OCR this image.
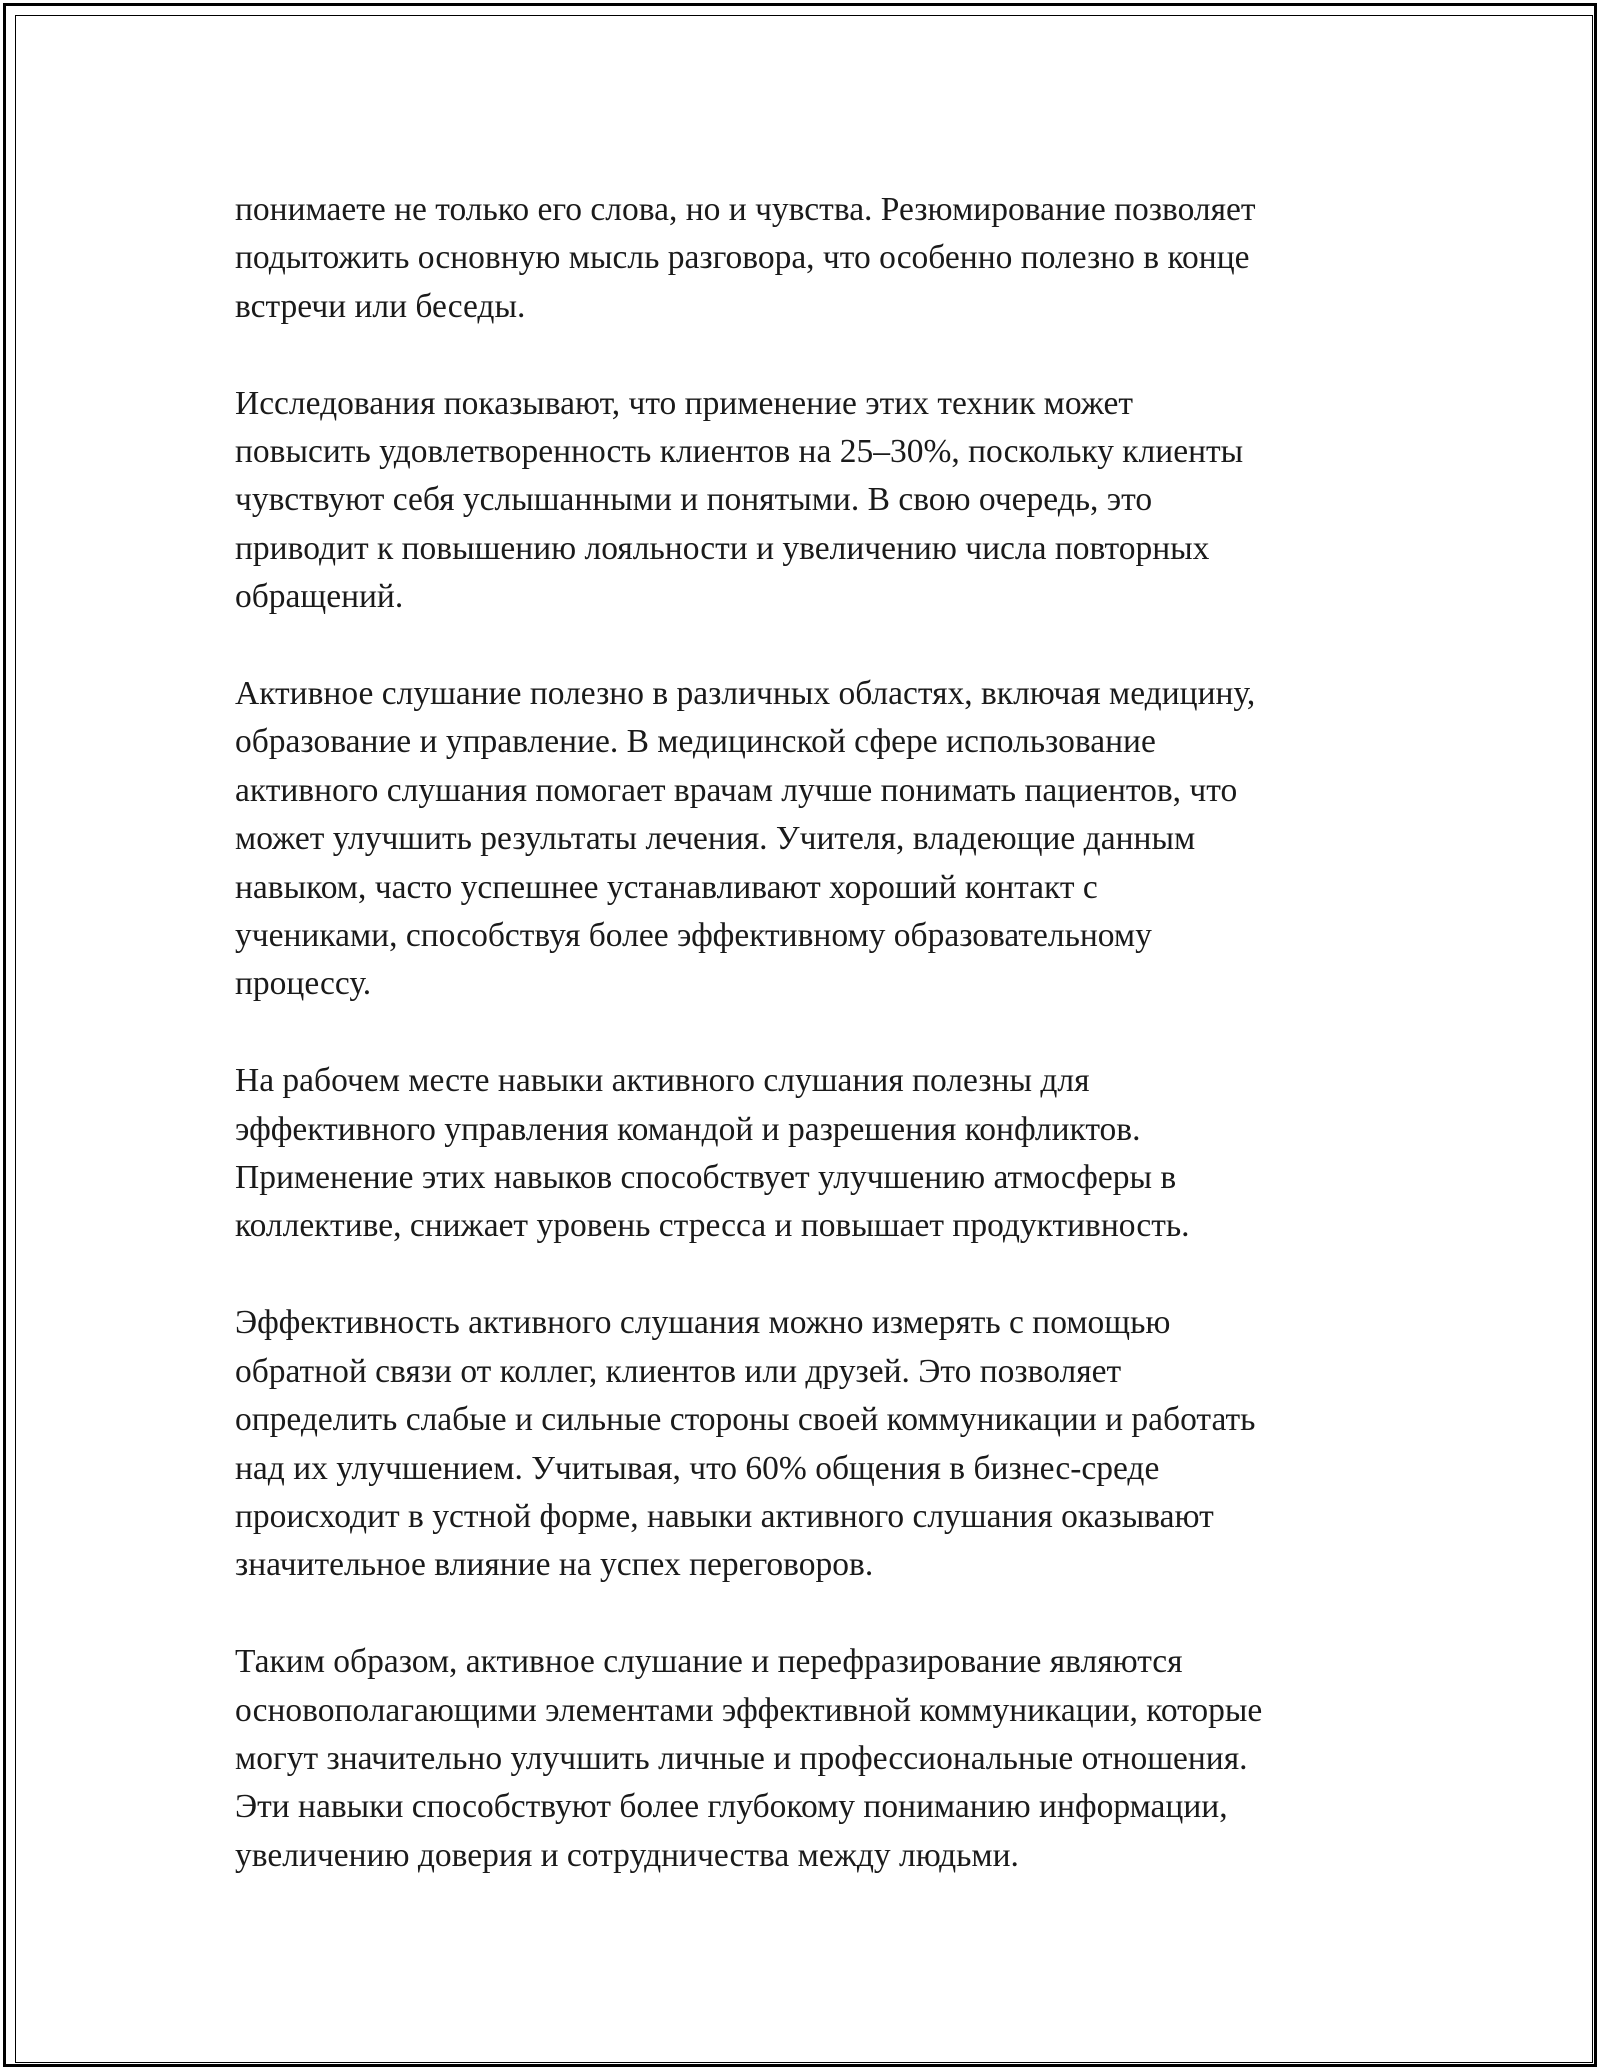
понимаете не только его слова, но и чувства. Резюмирование позволяет
подытожить основную мысль разговора, что особенно полезно в конце
встречи или беседы.

Исследования показывают, что применение этих техник может
повысить удовлетворенность клиентов на 25–30%, поскольку клиенты
чувствуют себя услышанными и понятыми. В свою очередь, это
приводит к повышению лояльности и увеличению числа повторных
обращений.

Активное слушание полезно в различных областях, включая медицину,
образование и управление. В медицинской сфере использование
активного слушания помогает врачам лучше понимать пациентов, что
может улучшить результаты лечения. Учителя, владеющие данным
навыком, часто успешнее устанавливают хороший контакт с
учениками, способствуя более эффективному образовательному
процессу.

На рабочем месте навыки активного слушания полезны для
эффективного управления командой и разрешения конфликтов.
Применение этих навыков способствует улучшению атмосферы в
коллективе, снижает уровень стресса и повышает продуктивность.

Эффективность активного слушания можно измерять с помощью
обратной связи от коллег, клиентов или друзей. Это позволяет
определить слабые и сильные стороны своей коммуникации и работать
над их улучшением. Учитывая, что 60% общения в бизнес-среде
происходит в устной форме, навыки активного слушания оказывают
значительное влияние на успех переговоров.

Таким образом, активное слушание и перефразирование являются
основополагающими элементами эффективной коммуникации, которые
могут значительно улучшить личные и профессиональные отношения.
Эти навыки способствуют более глубокому пониманию информации,
увеличению доверия и сотрудничества между людьми.
